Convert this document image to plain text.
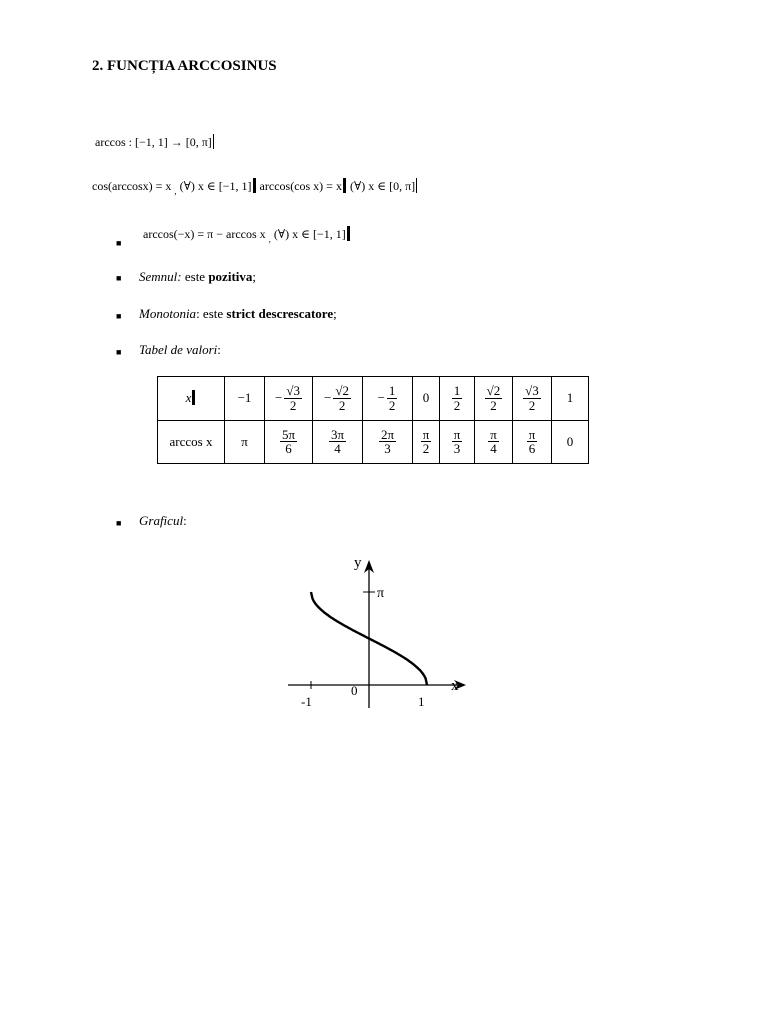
2. FUNCȚIA ARCCOSINUS
arccos : [−1, 1] → [0, π]
cos(arccosx) = x $_,$ (∀) x ∈ [−1, 1] arccos(cos x) = x (∀) x ∈ [0, π]
■
arccos(−x) = π − arccos x $_,$ (∀) x ∈ [−1, 1]
■ Semnul: este pozitiva;
■ Monotonia: este strict descrescatore;
■ Tabel de valori:
x	−1	− $\frac{√3}{2}$	− $\frac{√2}{2}$	− $\frac{1}{2}$	0	$\frac{1}{2}$	$\frac{√2}{2}$	$\frac{√3}{2}$	1
arccos x	π	$\frac{5\pi}{6}$	$\frac{3\pi}{4}$	$\frac{2\pi}{3}$	$\frac{\pi}{2}$	$\frac{\pi}{3}$	$\frac{\pi}{4}$	$\frac{\pi}{6}$	0
■ Graficul:
y
x
π
0
-1	1
